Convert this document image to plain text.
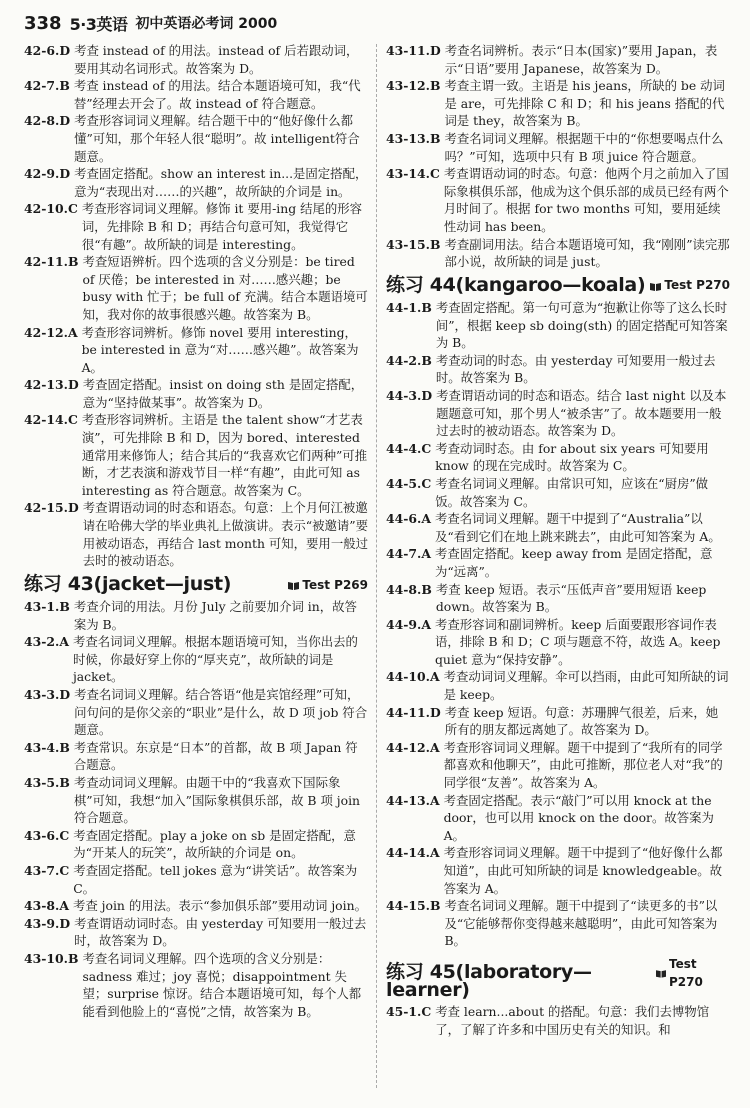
338 5·3英语 初中英语必考词 2000
42-6.D 考查 instead of 的用法。instead of 后若跟动词，要用其动名词形式。故答案为 D。
42-7.B 考查 instead of 的用法。结合本题语境可知，我“代替”经理去开会了。故 instead of 符合题意。
42-8.D 考查形容词词义理解。结合题干中的“他好像什么都懂”可知，那个年轻人很“聪明”。故 intelligent符合题意。
42-9.D 考查固定搭配。show an interest in...是固定搭配，意为“表现出对……的兴趣”，故所缺的介词是 in。
42-10.C 考查形容词词义理解。修饰 it 要用-ing 结尾的形容词，先排除 B 和 D；再结合句意可知，我觉得它很“有趣”。故所缺的词是 interesting。
42-11.B 考查短语辨析。四个选项的含义分别是：be tired of 厌倦；be interested in 对……感兴趣；be busy with 忙于；be full of 充满。结合本题语境可知，我对你的故事很感兴趣。故答案为 B。
42-12.A 考查形容词辨析。修饰 novel 要用 interesting，be interested in 意为“对……感兴趣”。故答案为 A。
42-13.D 考查固定搭配。insist on doing sth 是固定搭配，意为“坚持做某事”。故答案为 D。
42-14.C 考查形容词辨析。主语是 the talent show“才艺表演”，可先排除 B 和 D，因为 bored、interested 通常用来修饰人；结合其后的“我喜欢它们两种”可推断，才艺表演和游戏节目一样“有趣”，由此可知 as interesting as 符合题意。故答案为 C。
42-15.D 考查谓语动词的时态和语态。句意：上个月何江被邀请在哈佛大学的毕业典礼上做演讲。表示“被邀请”要用被动语态，再结合 last month 可知，要用一般过去时的被动语态。
练习 43(jacket—just)	Test P269
43-1.B 考查介词的用法。月份 July 之前要加介词 in，故答案为 B。
43-2.A 考查名词词义理解。根据本题语境可知，当你出去的时候，你最好穿上你的“厚夹克”，故所缺的词是 jacket。
43-3.D 考查名词词义理解。结合答语“他是宾馆经理”可知，问句问的是你父亲的“职业”是什么，故 D 项 job 符合题意。
43-4.B 考查常识。东京是“日本”的首都，故 B 项 Japan 符合题意。
43-5.B 考查动词词义理解。由题干中的“我喜欢下国际象棋”可知，我想“加入”国际象棋俱乐部，故 B 项 join 符合题意。
43-6.C 考查固定搭配。play a joke on sb 是固定搭配，意为“开某人的玩笑”，故所缺的介词是 on。
43-7.C 考查固定搭配。tell jokes 意为“讲笑话”。故答案为 C。
43-8.A 考查 join 的用法。表示“参加俱乐部”要用动词 join。
43-9.D 考查谓语动词时态。由 yesterday 可知要用一般过去时，故答案为 D。
43-10.B 考查名词词义理解。四个选项的含义分别是：sadness 难过；joy 喜悦；disappointment 失望；surprise 惊讶。结合本题语境可知，每个人都能看到他脸上的“喜悦”之情，故答案为 B。
43-11.D 考查名词辨析。表示“日本(国家)”要用 Japan，表示“日语”要用 Japanese，故答案为 D。
43-12.B 考查主谓一致。主语是 his jeans，所缺的 be 动词是 are，可先排除 C 和 D；和 his jeans 搭配的代词是 they，故答案为 B。
43-13.B 考查名词词义理解。根据题干中的“你想要喝点什么吗？”可知，选项中只有 B 项 juice 符合题意。
43-14.C 考查谓语动词的时态。句意：他两个月之前加入了国际象棋俱乐部，他成为这个俱乐部的成员已经有两个月时间了。根据 for two months 可知，要用延续性动词 has been。
43-15.B 考查副词用法。结合本题语境可知，我“刚刚”读完那部小说，故所缺的词是 just。
练习 44(kangaroo—koala) Test P270
44-1.B 考查固定搭配。第一句可意为“抱歉让你等了这么长时间”，根据 keep sb doing(sth) 的固定搭配可知答案为 B。
44-2.B 考查动词的时态。由 yesterday 可知要用一般过去时。故答案为 B。
44-3.D 考查谓语动词的时态和语态。结合 last night 以及本题题意可知，那个男人“被杀害”了。故本题要用一般过去时的被动语态。故答案为 D。
44-4.C 考查动词时态。由 for about six years 可知要用 know 的现在完成时。故答案为 C。
44-5.C 考查名词词义理解。由常识可知，应该在“厨房”做饭。故答案为 C。
44-6.A 考查名词词义理解。题干中提到了“Australia”以及“看到它们在地上跳来跳去”，由此可知答案为 A。
44-7.A 考查固定搭配。keep away from 是固定搭配，意为“远离”。
44-8.B 考查 keep 短语。表示“压低声音”要用短语 keep down。故答案为 B。
44-9.A 考查形容词和副词辨析。keep 后面要跟形容词作表语，排除 B 和 D；C 项与题意不符，故选 A。keep quiet 意为“保持安静”。
44-10.A 考查动词词义理解。伞可以挡雨，由此可知所缺的词是 keep。
44-11.D 考查 keep 短语。句意：苏珊脾气很差，后来，她所有的朋友都远离她了。故答案为 D。
44-12.A 考查形容词词义理解。题干中提到了“我所有的同学都喜欢和他聊天”，由此可推断，那位老人对“我”的同学很“友善”。故答案为 A。
44-13.A 考查固定搭配。表示“敲门”可以用 knock at the door，也可以用 knock on the door。故答案为 A。
44-14.A 考查形容词词义理解。题干中提到了“他好像什么都知道”，由此可知所缺的词是 knowledgeable。故答案为 A。
44-15.B 考查名词词义理解。题干中提到了“读更多的书”以及“它能够帮你变得越来越聪明”，由此可知答案为 B。
练习 45(laboratory—learner)
Test P270
45-1.C 考查 learn...about 的搭配。句意：我们去博物馆了，了解了许多和中国历史有关的知识。和
